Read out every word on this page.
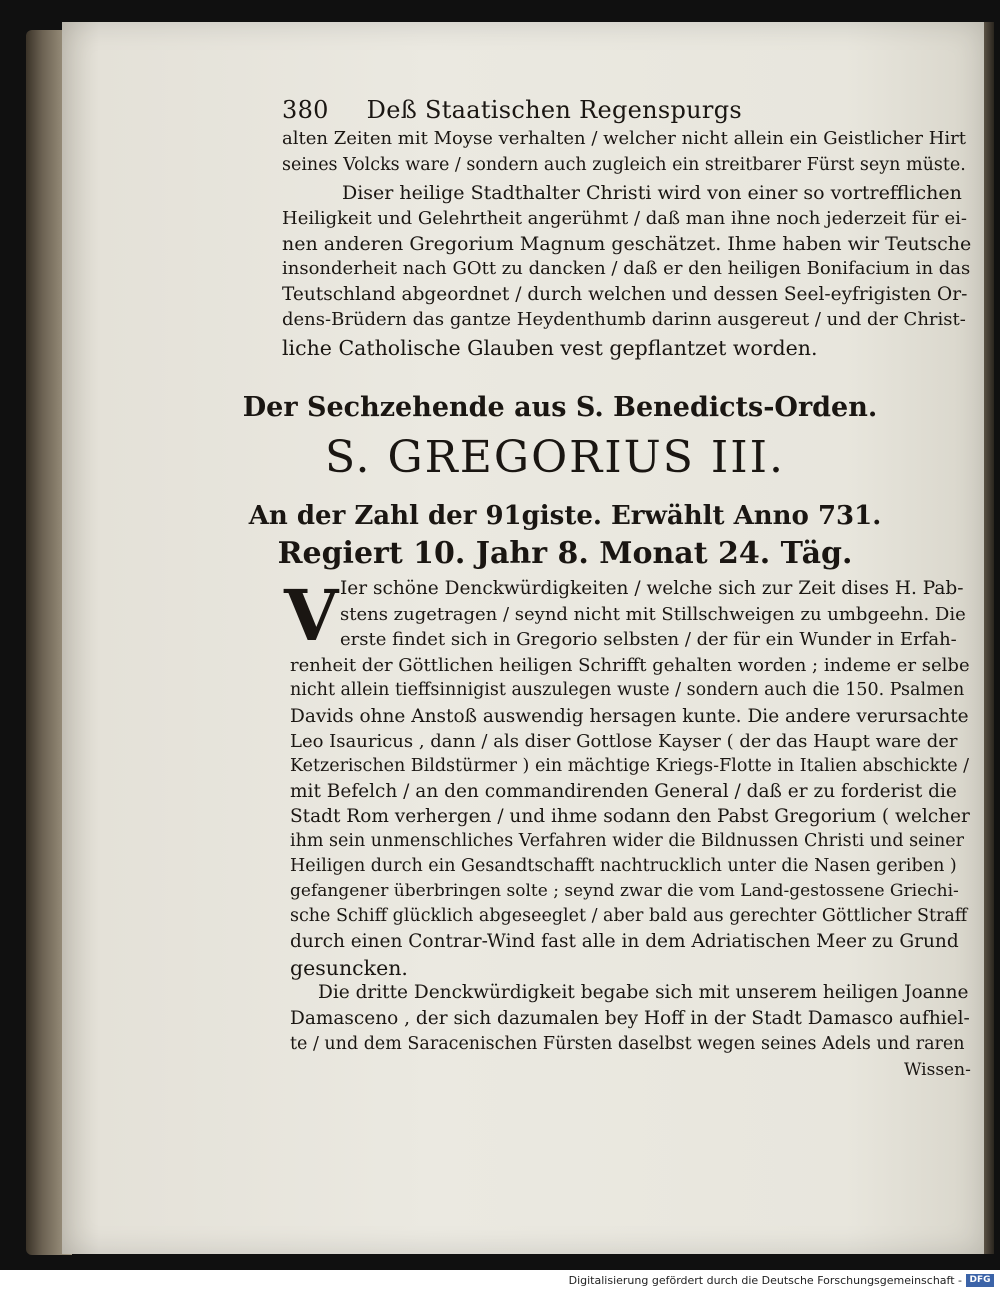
380 Deß Staatischen Regenspurgs
alten Zeiten mit Moyse verhalten / welcher nicht allein ein Geistlicher Hirt
seines Volcks ware / sondern auch zugleich ein streitbarer Fürst seyn müste.
Diser heilige Stadthalter Christi wird von einer so vortrefflichen
Heiligkeit und Gelehrtheit angerühmt / daß man ihne noch jederzeit für ei-
nen anderen Gregorium Magnum geschätzet. Ihme haben wir Teutsche
insonderheit nach GOtt zu dancken / daß er den heiligen Bonifacium in das
Teutschland abgeordnet / durch welchen und dessen Seel-eyfrigisten Or-
dens-Brüdern das gantze Heydenthumb darinn ausgereut / und der Christ-
liche Catholische Glauben vest gepflantzet worden.
Der Sechzehende aus S. Benedicts-Orden.
S. GREGORIUS III.
An der Zahl der 91giste. Erwählt Anno 731.
Regiert 10. Jahr 8. Monat 24. Täg.
V Ier schöne Denckwürdigkeiten / welche sich zur Zeit dises H. Pab-
stens zugetragen / seynd nicht mit Stillschweigen zu umbgeehn. Die
erste findet sich in Gregorio selbsten / der für ein Wunder in Erfah-
renheit der Göttlichen heiligen Schrifft gehalten worden ; indeme er selbe
nicht allein tieffsinnigist auszulegen wuste / sondern auch die 150. Psalmen
Davids ohne Anstoß auswendig hersagen kunte. Die andere verursachte
Leo Isauricus , dann / als diser Gottlose Kayser ( der das Haupt ware der
Ketzerischen Bildstürmer ) ein mächtige Kriegs-Flotte in Italien abschickte /
mit Befelch / an den commandirenden General / daß er zu forderist die
Stadt Rom verhergen / und ihme sodann den Pabst Gregorium ( welcher
ihm sein unmenschliches Verfahren wider die Bildnussen Christi und seiner
Heiligen durch ein Gesandtschafft nachtrucklich unter die Nasen geriben )
gefangener überbringen solte ; seynd zwar die vom Land-gestossene Griechi-
sche Schiff glücklich abgeseeglet / aber bald aus gerechter Göttlicher Straff
durch einen Contrar-Wind fast alle in dem Adriatischen Meer zu Grund
gesuncken.
Die dritte Denckwürdigkeit begabe sich mit unserem heiligen Joanne
Damasceno , der sich dazumalen bey Hoff in der Stadt Damasco aufhiel-
te / und dem Saracenischen Fürsten daselbst wegen seines Adels und raren
Wissen-
Digitalisierung gefördert durch die Deutsche Forschungsgemeinschaft - DFG
